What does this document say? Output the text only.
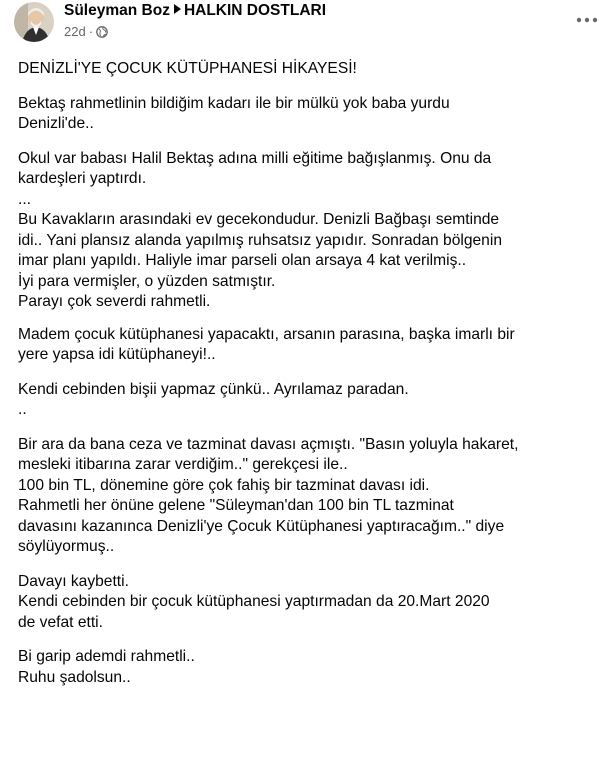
Süleyman Boz HALKIN DOSTLARI
22d ·

DENİZLİ'YE ÇOCUK KÜTÜPHANESİ HİKAYESİ!

Bektaş rahmetlinin bildiğim kadarı ile bir mülkü yok baba yurdu
Denizli'de..

Okul var babası Halil Bektaş adına milli eğitime bağışlanmış. Onu da
kardeşleri yaptırdı.
...
Bu Kavakların arasındaki ev gecekondudur. Denizli Bağbaşı semtinde
idi.. Yani plansız alanda yapılmış ruhsatsız yapıdır. Sonradan bölgenin
imar planı yapıldı. Haliyle imar parseli olan arsaya 4 kat verilmiş..
İyi para vermişler, o yüzden satmıştır.
Parayı çok severdi rahmetli.

Madem çocuk kütüphanesi yapacaktı, arsanın parasına, başka imarlı bir
yere yapsa idi kütüphaneyi!..

Kendi cebinden bişii yapmaz çünkü.. Ayrılamaz paradan.
..

Bir ara da bana ceza ve tazminat davası açmıştı. "Basın yoluyla hakaret,
mesleki itibarına zarar verdiğim.." gerekçesi ile..
100 bin TL, dönemine göre çok fahiş bir tazminat davası idi.
Rahmetli her önüne gelene "Süleyman'dan 100 bin TL tazminat
davasını kazanınca Denizli'ye Çocuk Kütüphanesi yaptıracağım.." diye
söylüyormuş..

Davayı kaybetti.
Kendi cebinden bir çocuk kütüphanesi yaptırmadan da 20.Mart 2020
de vefat etti.

Bi garip ademdi rahmetli..
Ruhu şadolsun..
